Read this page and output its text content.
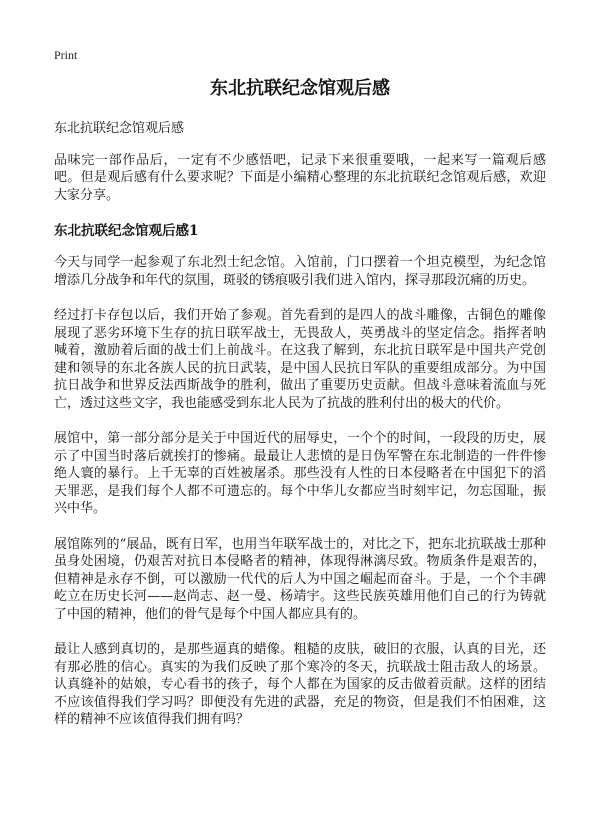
Print
东北抗联纪念馆观后感

东北抗联纪念馆观后感

品味完一部作品后，一定有不少感悟吧，记录下来很重要哦，一起来写一篇观后感吧。但是观后感有什么要求呢？下面是小编精心整理的东北抗联纪念馆观后感，欢迎大家分享。

东北抗联纪念馆观后感1

今天与同学一起参观了东北烈士纪念馆。入馆前，门口摆着一个坦克模型，为纪念馆增添几分战争和年代的氛围，斑驳的锈痕吸引我们进入馆内，探寻那段沉痛的历史。

经过打卡存包以后，我们开始了参观。首先看到的是四人的战斗雕像，古铜色的雕像展现了恶劣环境下生存的抗日联军战士，无畏敌人，英勇战斗的坚定信念。指挥者呐喊着，激励着后面的战士们上前战斗。在这我了解到，东北抗日联军是中国共产党创建和领导的东北各族人民的抗日武装，是中国人民抗日军队的重要组成部分。为中国抗日战争和世界反法西斯战争的胜利，做出了重要历史贡献。但战斗意味着流血与死亡，透过这些文字，我也能感受到东北人民为了抗战的胜利付出的极大的代价。

展馆中，第一部分部分是关于中国近代的屈辱史，一个个的时间，一段段的历史，展示了中国当时落后就挨打的惨痛。最最让人悲愤的是日伪军警在东北制造的一件件惨绝人寰的暴行。上千无辜的百姓被屠杀。那些没有人性的日本侵略者在中国犯下的滔天罪恶，是我们每个人都不可遗忘的。每个中华儿女都应当时刻牢记，勿忘国耻，振兴中华。

展馆陈列的“展品，既有日军，也用当年联军战士的，对比之下，把东北抗联战士那种虽身处困境，仍艰苦对抗日本侵略者的精神，体现得淋漓尽致。物质条件是艰苦的，但精神是永存不倒，可以激励一代代的后人为中国之崛起而奋斗。于是，一个个丰碑屹立在历史长河——赵尚志、赵一曼、杨靖宇。这些民族英雄用他们自己的行为铸就了中国的精神，他们的骨气是每个中国人都应具有的。

最让人感到真切的，是那些逼真的蜡像。粗糙的皮肤，破旧的衣服，认真的目光，还有那必胜的信心。真实的为我们反映了那个寒冷的冬天，抗联战士阻击敌人的场景。认真缝补的姑娘，专心看书的孩子，每个人都在为国家的反击做着贡献。这样的团结不应该值得我们学习吗？即便没有先进的武器，充足的物资，但是我们不怕困难，这样的精神不应该值得我们拥有吗？
